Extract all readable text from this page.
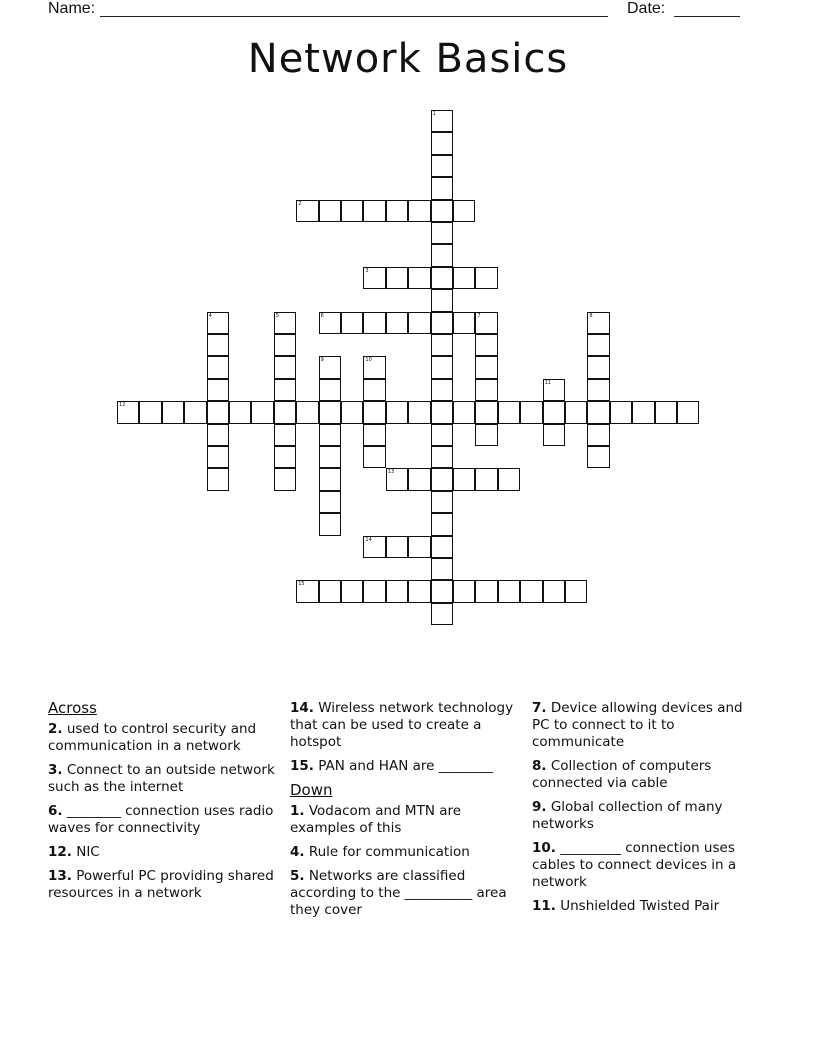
Name:	Date:
Network Basics
1
2
3
4	5	6	7	8
9	10
11
12
13
14
15
Across
2. used to control security and communication in a network
3. Connect to an outside network such as the internet
6. ________ connection uses radio waves for connectivity
12. NIC
13. Powerful PC providing shared resources in a network
14. Wireless network technology that can be used to create a hotspot
15. PAN and HAN are ________
Down
1. Vodacom and MTN are examples of this
4. Rule for communication
5. Networks are classified according to the __________ area they cover
7. Device allowing devices and PC to connect to it to communicate
8. Collection of computers connected via cable
9. Global collection of many networks
10. _________ connection uses cables to connect devices in a network
11. Unshielded Twisted Pair
